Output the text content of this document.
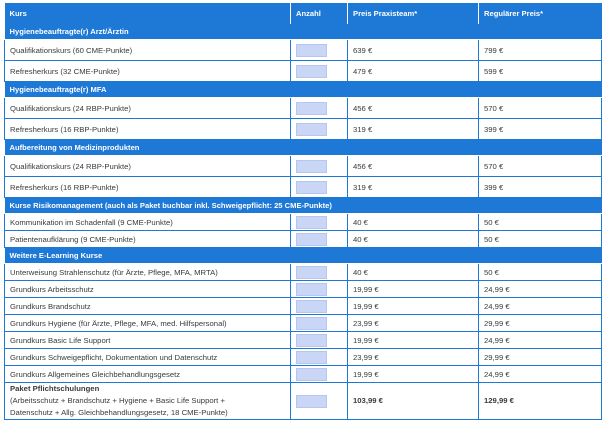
Kurs	Anzahl	Preis Praxisteam*	Regulärer Preis*
Hygienebeauftragte(r) Arzt/Ärztin			
Qualifikationskurs (60 CME-Punkte)		639 €	799 €
Refresherkurs (32 CME-Punkte)		479 €	599 €
Hygienebeauftragte(r) MFA			
Qualifikationskurs (24 RBP-Punkte)		456 €	570 €
Refresherkurs (16 RBP-Punkte)		319 €	399 €
Aufbereitung von Medizinprodukten			
Qualifikationskurs (24 RBP-Punkte)		456 €	570 €
Refresherkurs (16 RBP-Punkte)		319 €	399 €
Kurse Risikomanagement (auch als Paket buchbar inkl. Schweigepflicht: 25 CME-Punkte)			
Kommunikation im Schadenfall (9 CME-Punkte)		40 €	50 €
Patientenaufklärung (9 CME-Punkte)		40 €	50 €
Weitere E-Learning Kurse			
Unterweisung Strahlenschutz (für Ärzte, Pflege, MFA, MRTA)		40 €	50 €
Grundkurs Arbeitsschutz		19,99 €	24,99 €
Grundkurs Brandschutz		19,99 €	24,99 €
Grundkurs Hygiene (für Ärzte, Pflege, MFA, med. Hilfspersonal)		23,99 €	29,99 €
Grundkurs Basic Life Support		19,99 €	24,99 €
Grundkurs Schweigepflicht, Dokumentation und Datenschutz		23,99 €	29,99 €
Grundkurs Allgemeines Gleichbehandlungsgesetz		19,99 €	24,99 €

Paket Pflichtschulungen
(Arbeitsschutz + Brandschutz + Hygiene + Basic Life Support +
Datenschutz + Allg. Gleichbehandlungsgesetz, 18 CME-Punkte)		103,99 €	129,99 €
